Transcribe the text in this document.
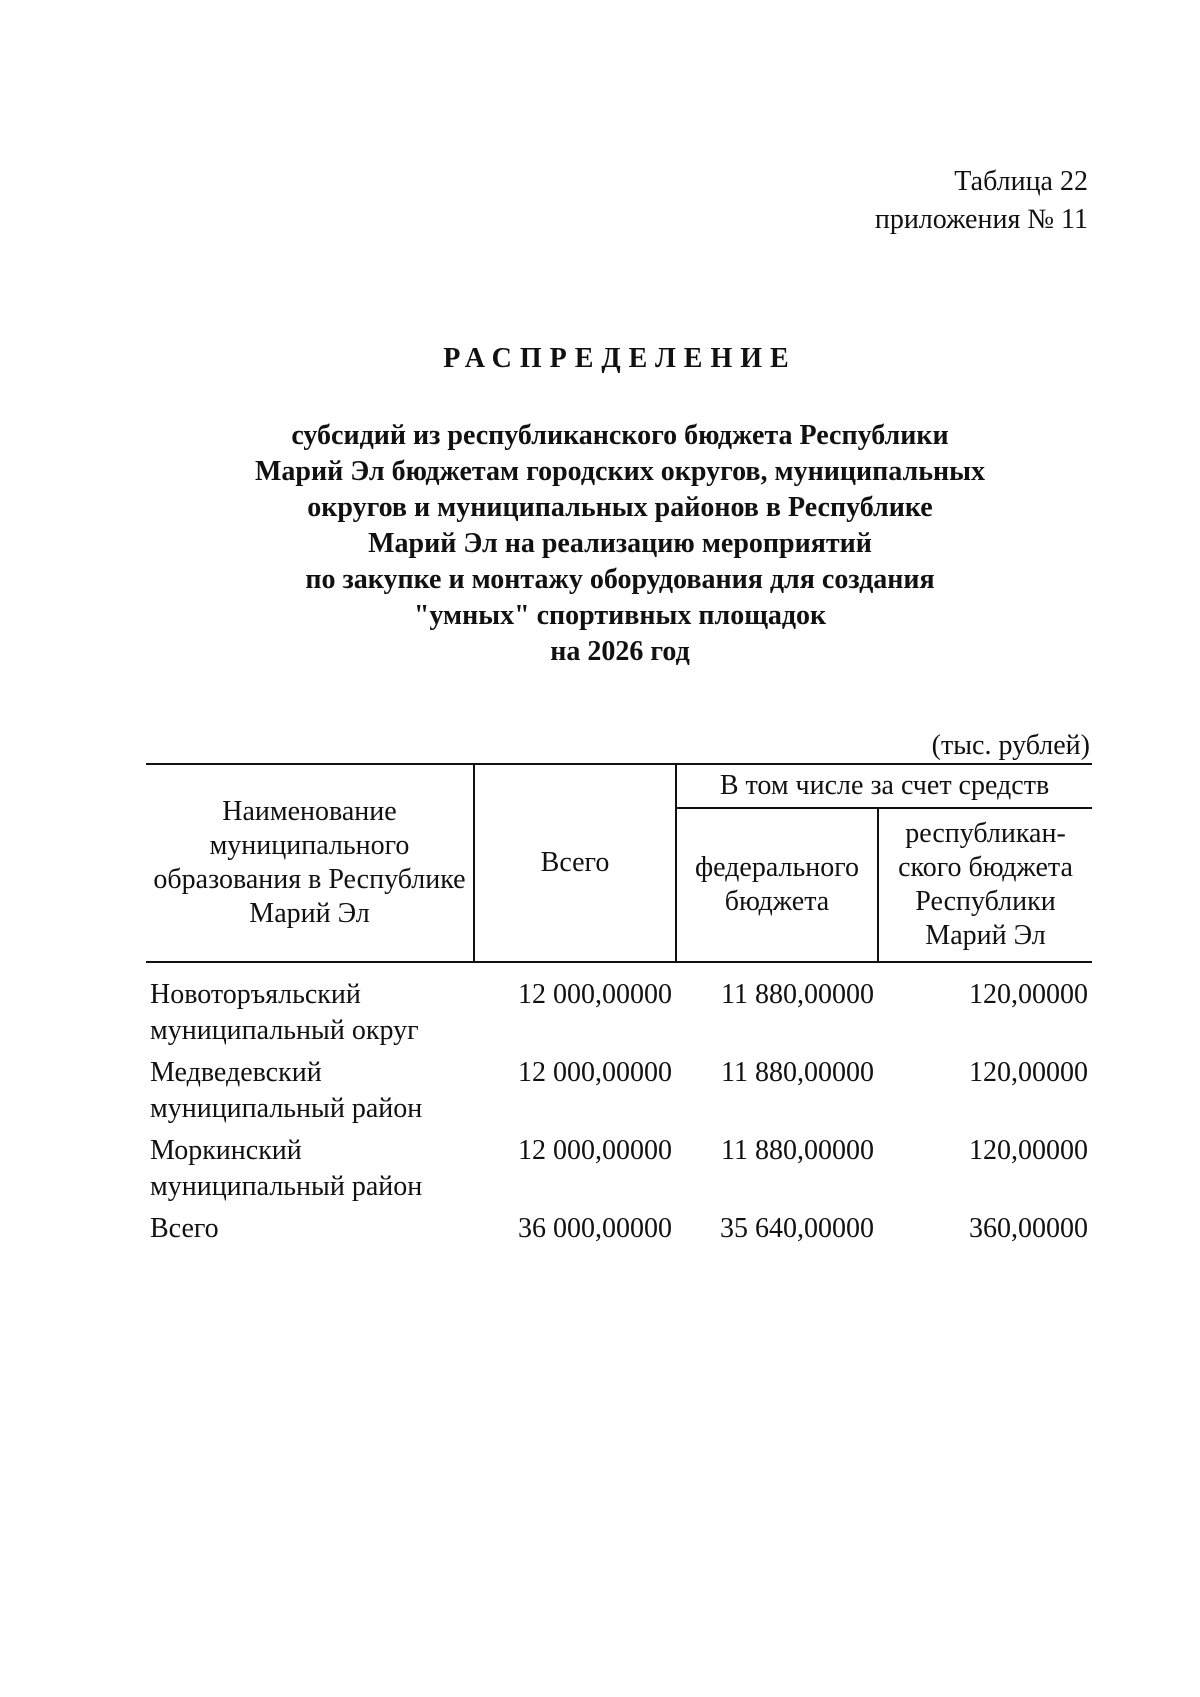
Таблица 22
приложения № 11
РАСПРЕДЕЛЕНИЕ
субсидий из республиканского бюджета Республики
Марий Эл бюджетам городских округов, муниципальных
округов и муниципальных районов в Республике
Марий Эл на реализацию мероприятий
по закупке и монтажу оборудования для создания
"умных" спортивных площадок
на 2026 год
(тыс. рублей)
Наименование муниципального образования в Республике Марий Эл	Всего	В том числе за счет средств	
		федерального бюджета	республикан-ского бюджета Республики Марий Эл
Новоторъяльский муниципальный округ	12 000,00000	11 880,00000	120,00000
Медведевский муниципальный район	12 000,00000	11 880,00000	120,00000
Моркинский муниципальный район	12 000,00000	11 880,00000	120,00000
Всего	36 000,00000	35 640,00000	360,00000
